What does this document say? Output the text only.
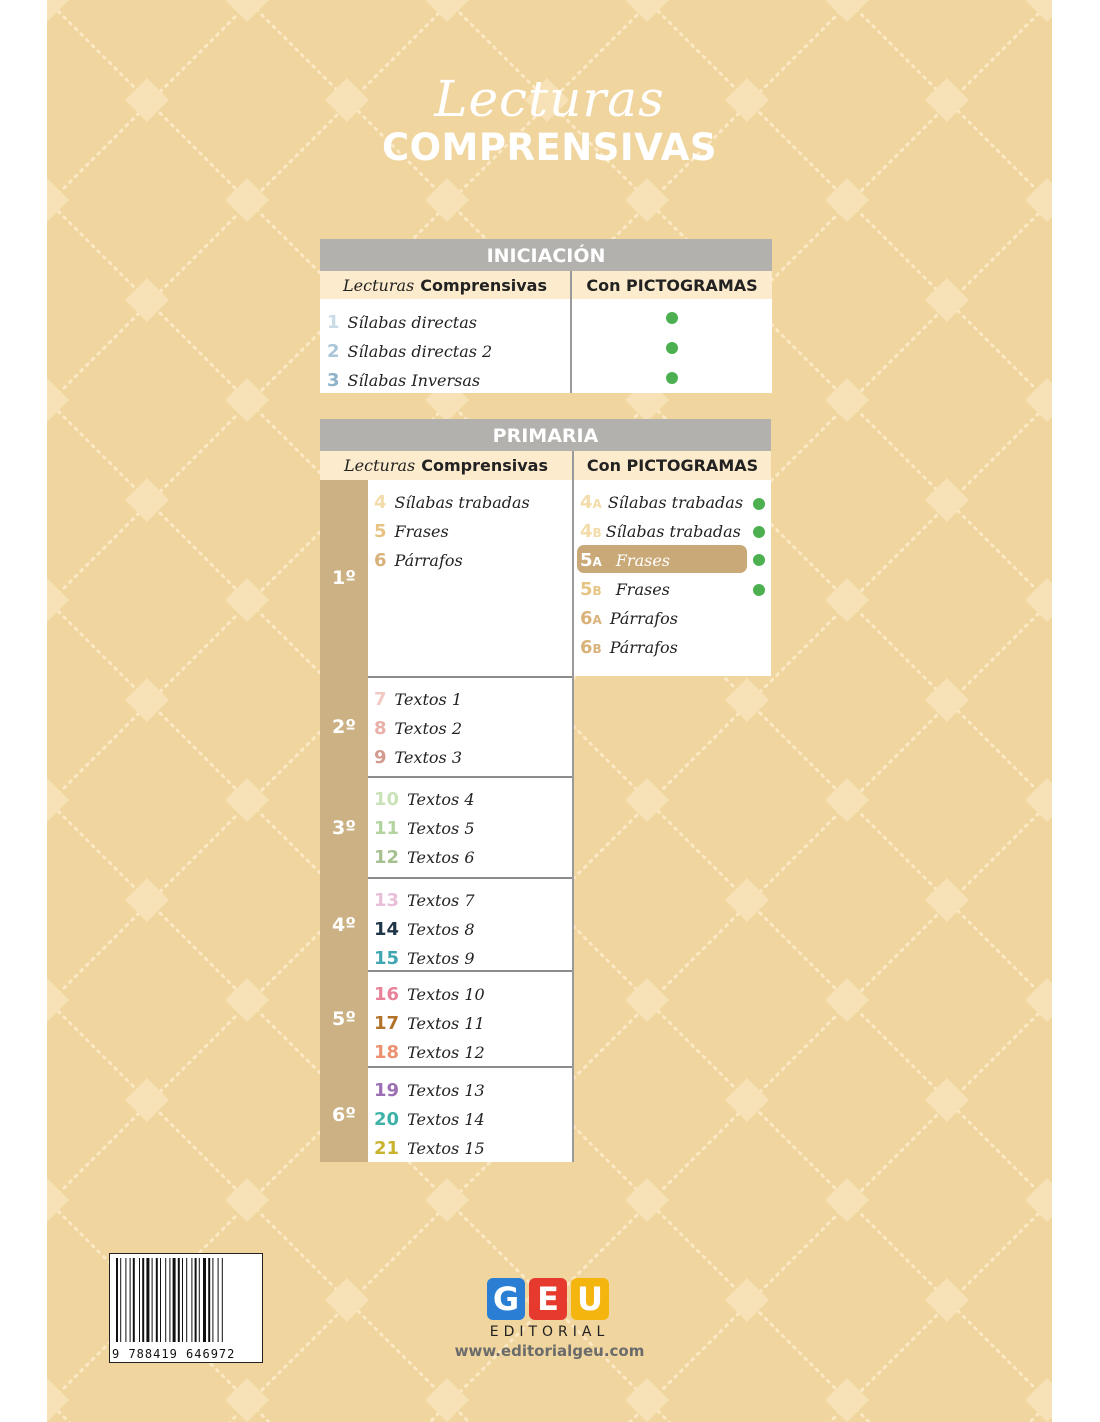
Lecturas
COMPRENSIVAS
INICIACIÓN
Lecturas Comprensivas Con PICTOGRAMAS
1 Sílabas directas
2 Sílabas directas 2
3 Sílabas Inversas
PRIMARIA
Lecturas Comprensivas Con PICTOGRAMAS
1º
2º
3º
4º
5º
6º
4 Sílabas trabadas
5 Frases
6 Párrafos
7 Textos 1
8 Textos 2
9 Textos 3
10 Textos 4
11 Textos 5
12 Textos 6
13 Textos 7
14 Textos 8
15 Textos 9
16 Textos 10
17 Textos 11
18 Textos 12
19 Textos 13
20 Textos 14
21 Textos 15
4A Sílabas trabadas
4B Sílabas trabadas
5A Frases
5B Frases
6A Párrafos
6B Párrafos
9 788419 646972
G E U
EDITORIAL
www.editorialgeu.com
